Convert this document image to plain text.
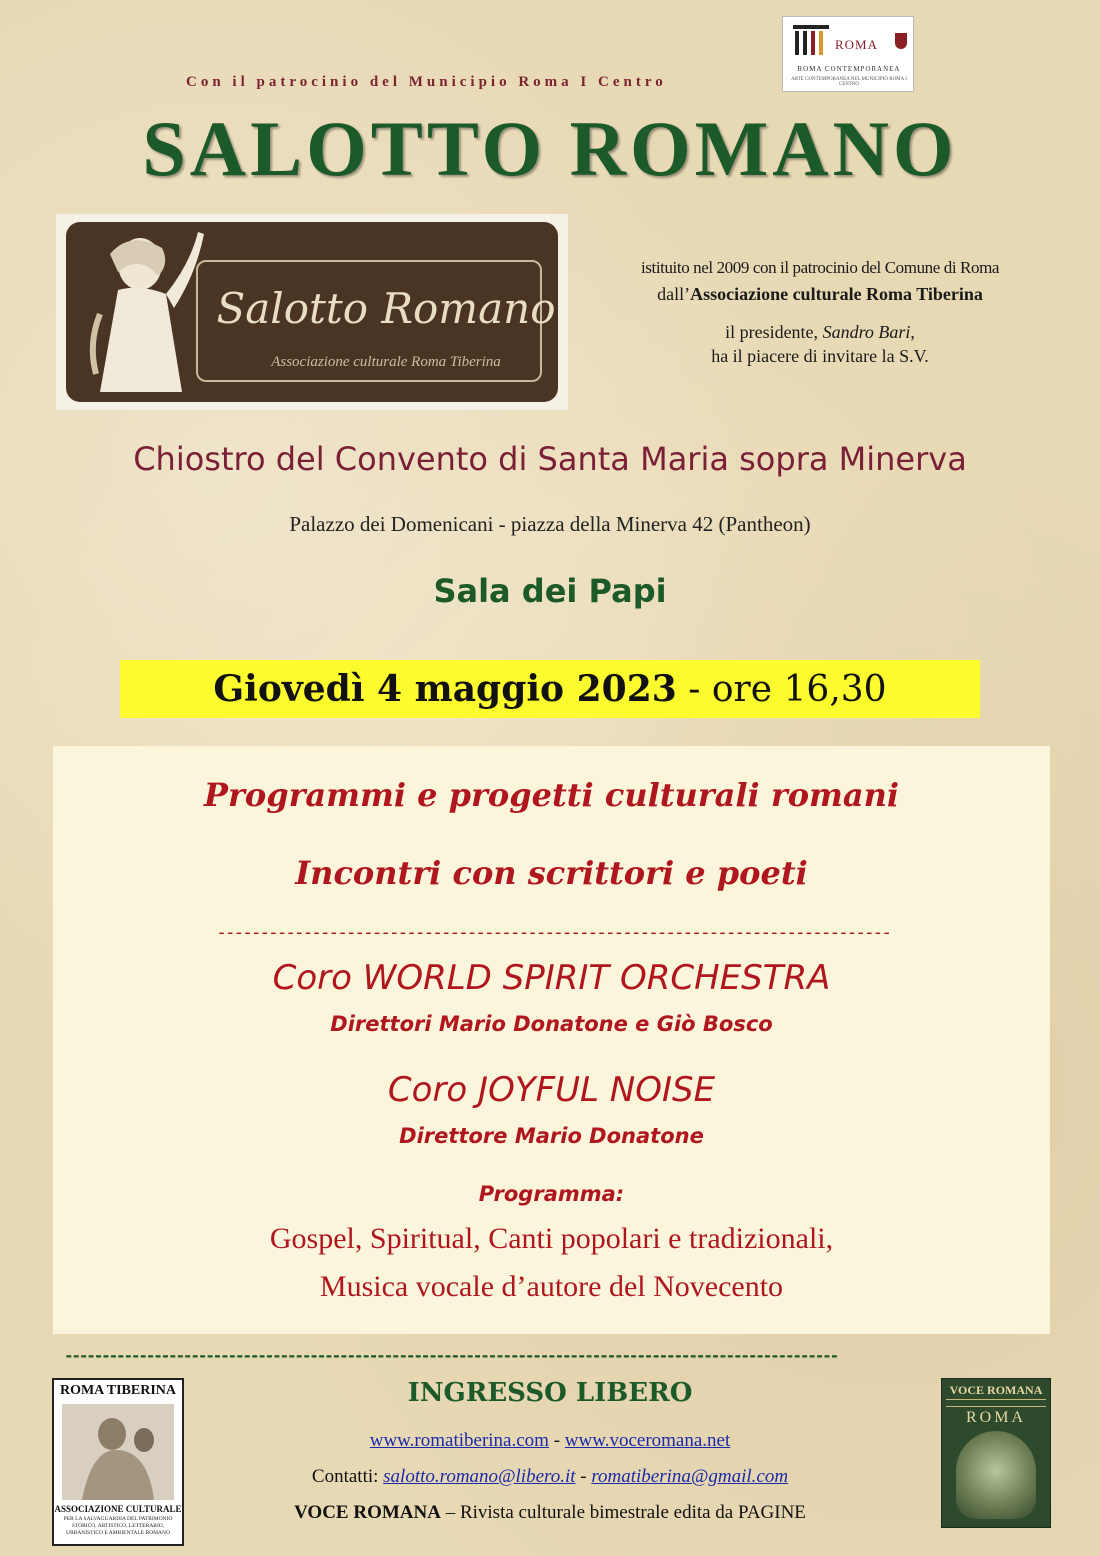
Con il patrocinio del Municipio Roma I Centro
ROMA
ROMA CONTEMPORANEA
ARTE CONTEMPORANEA NEL MUNICIPIO ROMA I CENTRO
SALOTTO ROMANO
Salotto Romano
Associazione culturale Roma Tiberina
istituito nel 2009 con il patrocinio del Comune di Roma
dall’Associazione culturale Roma Tiberina
il presidente, Sandro Bari,
ha il piacere di invitare la S.V.
Chiostro del Convento di Santa Maria sopra Minerva
Palazzo dei Domenicani - piazza della Minerva 42 (Pantheon)
Sala dei Papi
Giovedì 4 maggio 2023 - ore 16,30
Programmi e progetti culturali romani
Incontri con scrittori e poeti
------------------------------------------------------------------------------
Coro WORLD SPIRIT ORCHESTRA
Direttori Mario Donatone e Giò Bosco
Coro JOYFUL NOISE
Direttore Mario Donatone
Programma:
Gospel, Spiritual, Canti popolari e tradizionali,
Musica vocale d’autore del Novecento
--------------------------------------------------------------------------------------------------------
ROMA TIBERINA
ASSOCIAZIONE CULTURALE
PER LA SALVAGUARDIA DEL PATRIMONIO STORICO, ARTISTICO, LETTERARIO, URBANISTICO E AMBIENTALE ROMANO
VOCE ROMANA
ROMA
INGRESSO LIBERO
www.romatiberina.com - www.voceromana.net
Contatti: salotto.romano@libero.it - romatiberina@gmail.com
VOCE ROMANA – Rivista culturale bimestrale edita da PAGINE
